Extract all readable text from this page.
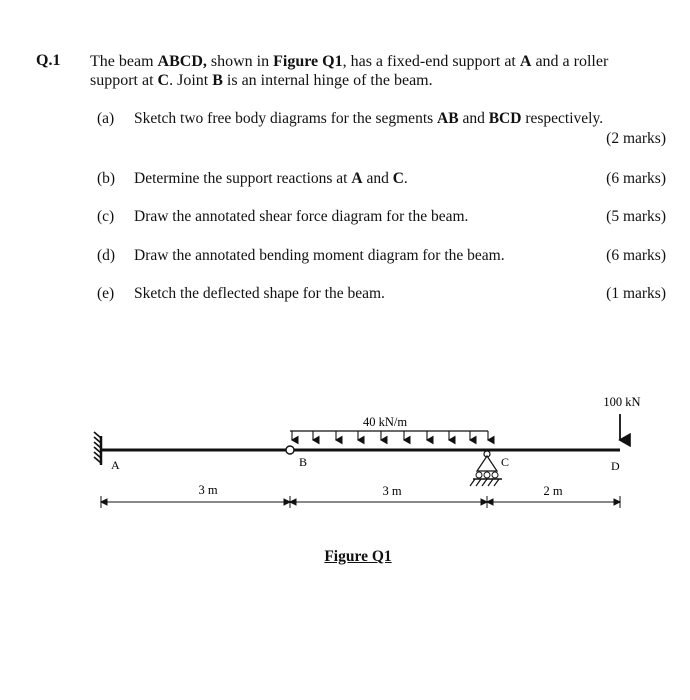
Q.1 The beam ABCD, shown in Figure Q1, has a fixed-end support at A and a roller
support at C. Joint B is an internal hinge of the beam.
(a) Sketch two free body diagrams for the segments AB and BCD respectively.
(2 marks)
(b) Determine the support reactions at A and C.	(6 marks)
(c) Draw the annotated shear force diagram for the beam.	(5 marks)
(d) Draw the annotated bending moment diagram for the beam.	(6 marks)
(e) Sketch the deflected shape for the beam.	(1 marks)
40 kN/m
100 kN
A	B	C	D
3 m	3 m	2 m
Figure Q1
